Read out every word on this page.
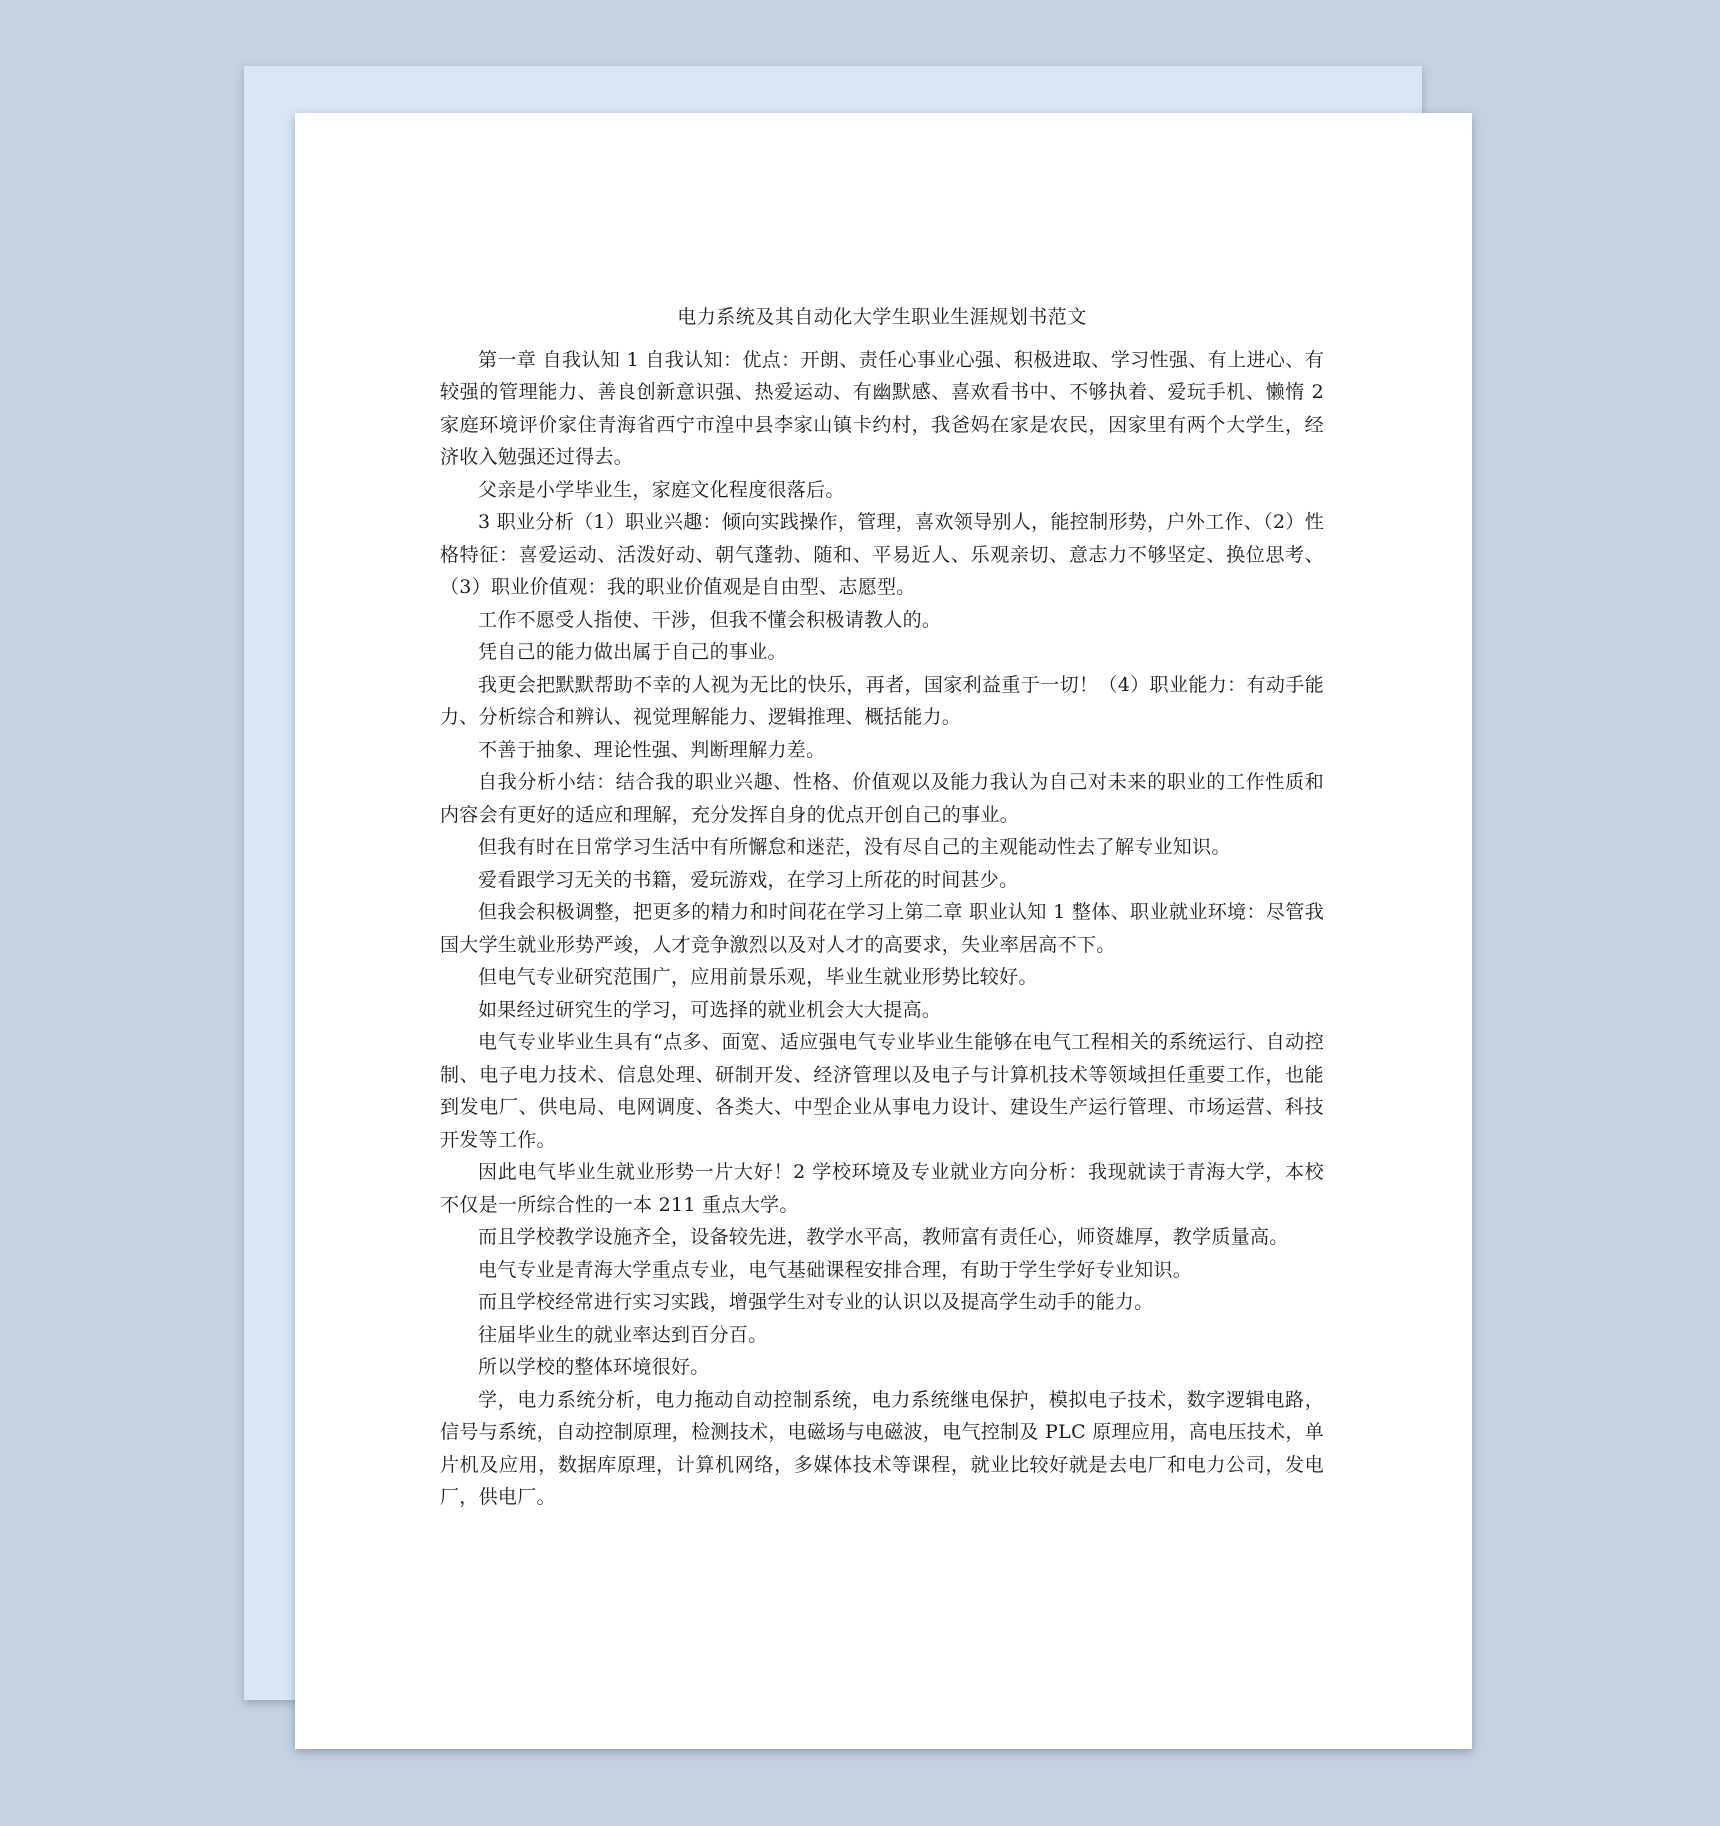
电力系统及其自动化大学生职业生涯规划书范文

第一章 自我认知 1 自我认知：优点：开朗、责任心事业心强、积极进取、学习性强、有上进心、有较强的管理能力、善良创新意识强、热爱运动、有幽默感、喜欢看书中、不够执着、爱玩手机、懒惰 2 家庭环境评价家住青海省西宁市湟中县李家山镇卡约村，我爸妈在家是农民，因家里有两个大学生，经济收入勉强还过得去。

父亲是小学毕业生，家庭文化程度很落后。

3 职业分析（1）职业兴趣：倾向实践操作，管理，喜欢领导别人，能控制形势，户外工作、（2）性格特征：喜爱运动、活泼好动、朝气蓬勃、随和、平易近人、乐观亲切、意志力不够坚定、换位思考、（3）职业价值观：我的职业价值观是自由型、志愿型。

工作不愿受人指使、干涉，但我不懂会积极请教人的。

凭自己的能力做出属于自己的事业。

我更会把默默帮助不幸的人视为无比的快乐，再者，国家利益重于一切！（4）职业能力：有动手能力、分析综合和辨认、视觉理解能力、逻辑推理、概括能力。

不善于抽象、理论性强、判断理解力差。

自我分析小结：结合我的职业兴趣、性格、价值观以及能力我认为自己对未来的职业的工作性质和内容会有更好的适应和理解，充分发挥自身的优点开创自己的事业。

但我有时在日常学习生活中有所懈怠和迷茫，没有尽自己的主观能动性去了解专业知识。

爱看跟学习无关的书籍，爱玩游戏，在学习上所花的时间甚少。

但我会积极调整，把更多的精力和时间花在学习上第二章 职业认知 1 整体、职业就业环境：尽管我国大学生就业形势严竣，人才竞争激烈以及对人才的高要求，失业率居高不下。

但电气专业研究范围广，应用前景乐观，毕业生就业形势比较好。

如果经过研究生的学习，可选择的就业机会大大提高。

电气专业毕业生具有“点多、面宽、适应强电气专业毕业生能够在电气工程相关的系统运行、自动控制、电子电力技术、信息处理、研制开发、经济管理以及电子与计算机技术等领域担任重要工作，也能到发电厂、供电局、电网调度、各类大、中型企业从事电力设计、建设生产运行管理、市场运营、科技开发等工作。

因此电气毕业生就业形势一片大好！2 学校环境及专业就业方向分析：我现就读于青海大学，本校不仅是一所综合性的一本 211 重点大学。

而且学校教学设施齐全，设备较先进，教学水平高，教师富有责任心，师资雄厚，教学质量高。

电气专业是青海大学重点专业，电气基础课程安排合理，有助于学生学好专业知识。

而且学校经常进行实习实践，增强学生对专业的认识以及提高学生动手的能力。

往届毕业生的就业率达到百分百。

所以学校的整体环境很好。

学，电力系统分析，电力拖动自动控制系统，电力系统继电保护，模拟电子技术，数字逻辑电路，信号与系统，自动控制原理，检测技术，电磁场与电磁波，电气控制及 PLC 原理应用，高电压技术，单片机及应用，数据库原理，计算机网络，多媒体技术等课程，就业比较好就是去电厂和电力公司，发电厂，供电厂。
